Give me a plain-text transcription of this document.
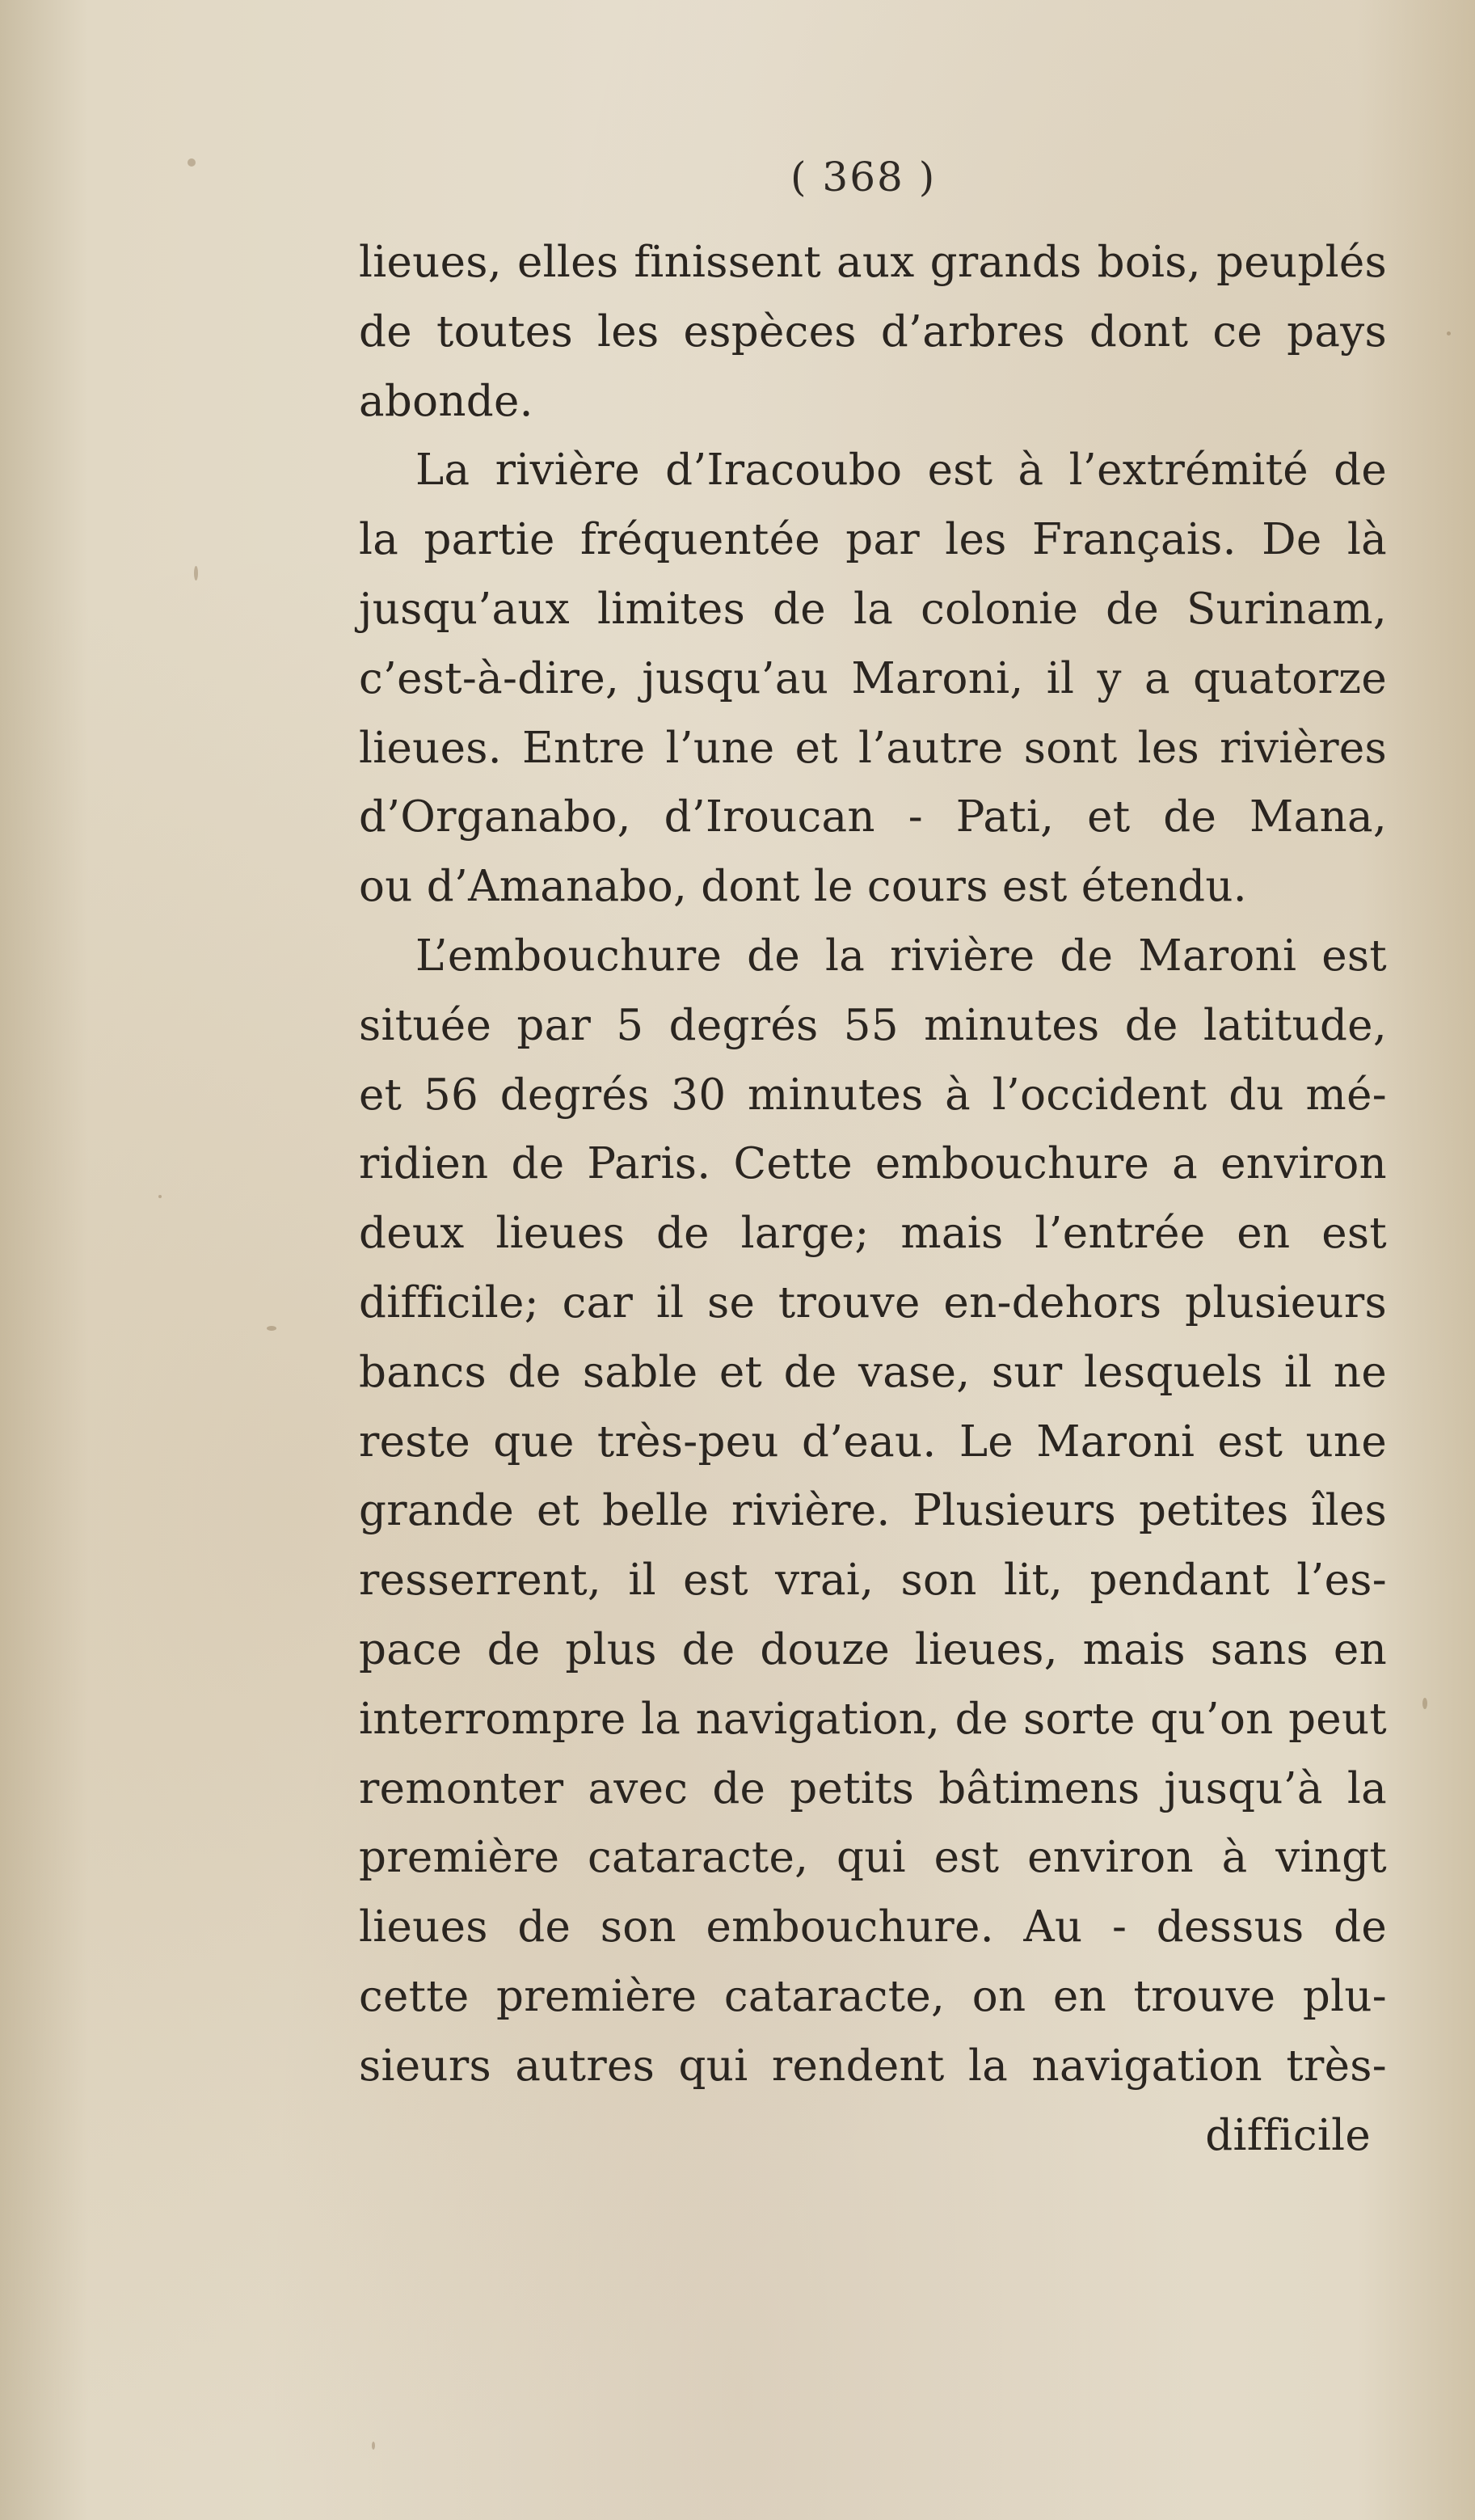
( 368 )
lieues, elles finissent aux grands bois, peuplés
de toutes les espèces d’arbres dont ce pays
abonde.
La rivière d’Iracoubo est à l’extrémité de
la partie fréquentée par les Français. De là
jusqu’aux limites de la colonie de Surinam,
c’est-à-dire, jusqu’au Maroni, il y a quatorze
lieues. Entre l’une et l’autre sont les rivières
d’Organabo, d’Iroucan - Pati, et de Mana,
ou d’Amanabo, dont le cours est étendu.
L’embouchure de la rivière de Maroni est
située par 5 degrés 55 minutes de latitude,
et 56 degrés 30 minutes à l’occident du mé-
ridien de Paris. Cette embouchure a environ
deux lieues de large; mais l’entrée en est
difficile; car il se trouve en-dehors plusieurs
bancs de sable et de vase, sur lesquels il ne
reste que très-peu d’eau. Le Maroni est une
grande et belle rivière. Plusieurs petites îles
resserrent, il est vrai, son lit, pendant l’es-
pace de plus de douze lieues, mais sans en
interrompre la navigation, de sorte qu’on peut
remonter avec de petits bâtimens jusqu’à la
première cataracte, qui est environ à vingt
lieues de son embouchure. Au - dessus de
cette première cataracte, on en trouve plu-
sieurs autres qui rendent la navigation très-
difficile
